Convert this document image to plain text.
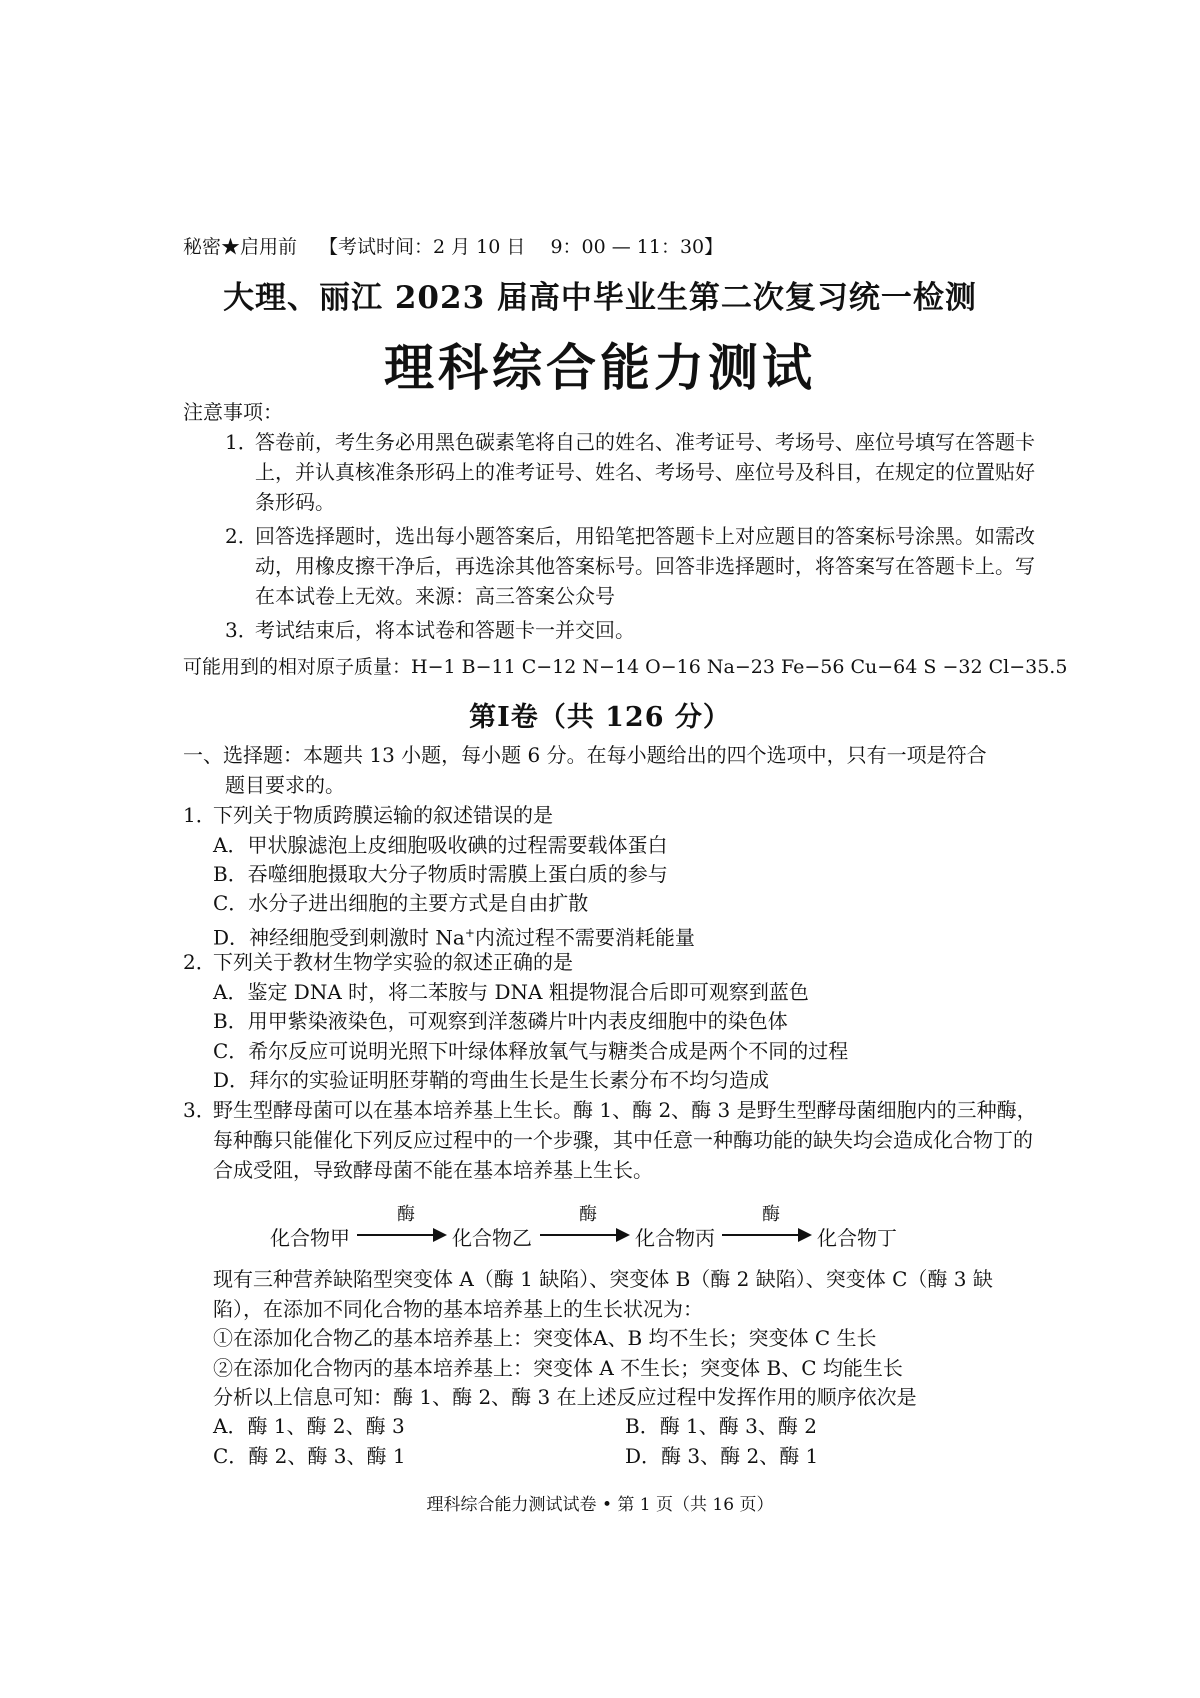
秘密★启用前 【考试时间：2 月 10 日　 9：00 — 11：30】
大理、丽江 2023 届高中毕业生第二次复习统一检测
理科综合能力测试
注意事项：
1．
答卷前，考生务必用黑色碳素笔将自己的姓名、准考证号、考场号、座位号填写在答题卡上，并认真核准条形码上的准考证号、姓名、考场号、座位号及科目，在规定的位置贴好条形码。
2．
回答选择题时，选出每小题答案后，用铅笔把答题卡上对应题目的答案标号涂黑。如需改动，用橡皮擦干净后，再选涂其他答案标号。回答非选择题时，将答案写在答题卡上。写在本试卷上无效。来源：高三答案公众号
3．
考试结束后，将本试卷和答题卡一并交回。
可能用到的相对原子质量：H−1 B−11 C−12 N−14 O−16 Na−23 Fe−56 Cu−64 S −32 Cl−35.5
第Ⅰ卷（共 126 分）
一、选择题：本题共 13 小题，每小题 6 分。在每小题给出的四个选项中，只有一项是符合
题目要求的。
1．
下列关于物质跨膜运输的叙述错误的是
A．甲状腺滤泡上皮细胞吸收碘的过程需要载体蛋白
B．吞噬细胞摄取大分子物质时需膜上蛋白质的参与
C．水分子进出细胞的主要方式是自由扩散
D．神经细胞受到刺激时 Na+内流过程不需要消耗能量
2．
下列关于教材生物学实验的叙述正确的是
A．鉴定 DNA 时，将二苯胺与 DNA 粗提物混合后即可观察到蓝色
B．用甲紫染液染色，可观察到洋葱磷片叶内表皮细胞中的染色体
C．希尔反应可说明光照下叶绿体释放氧气与糖类合成是两个不同的过程
D．拜尔的实验证明胚芽鞘的弯曲生长是生长素分布不均匀造成
3．
野生型酵母菌可以在基本培养基上生长。酶 1、酶 2、酶 3 是野生型酵母菌细胞内的三种酶，每种酶只能催化下列反应过程中的一个步骤，其中任意一种酶功能的缺失均会造成化合物丁的合成受阻，导致酵母菌不能在基本培养基上生长。
化合物甲
酶
化合物乙
酶
化合物丙
酶
化合物丁
现有三种营养缺陷型突变体 A（酶 1 缺陷）、突变体 B（酶 2 缺陷）、突变体 C（酶 3 缺陷），在添加不同化合物的基本培养基上的生长状况为：
①在添加化合物乙的基本培养基上：突变体A、B 均不生长；突变体 C 生长
②在添加化合物丙的基本培养基上：突变体 A 不生长；突变体 B、C 均能生长
分析以上信息可知：酶 1、酶 2、酶 3 在上述反应过程中发挥作用的顺序依次是
A．酶 1、酶 2、酶 3	B．酶 1、酶 3、酶 2
C．酶 2、酶 3、酶 1	D．酶 3、酶 2、酶 1
理科综合能力测试试卷 • 第 1 页（共 16 页）
